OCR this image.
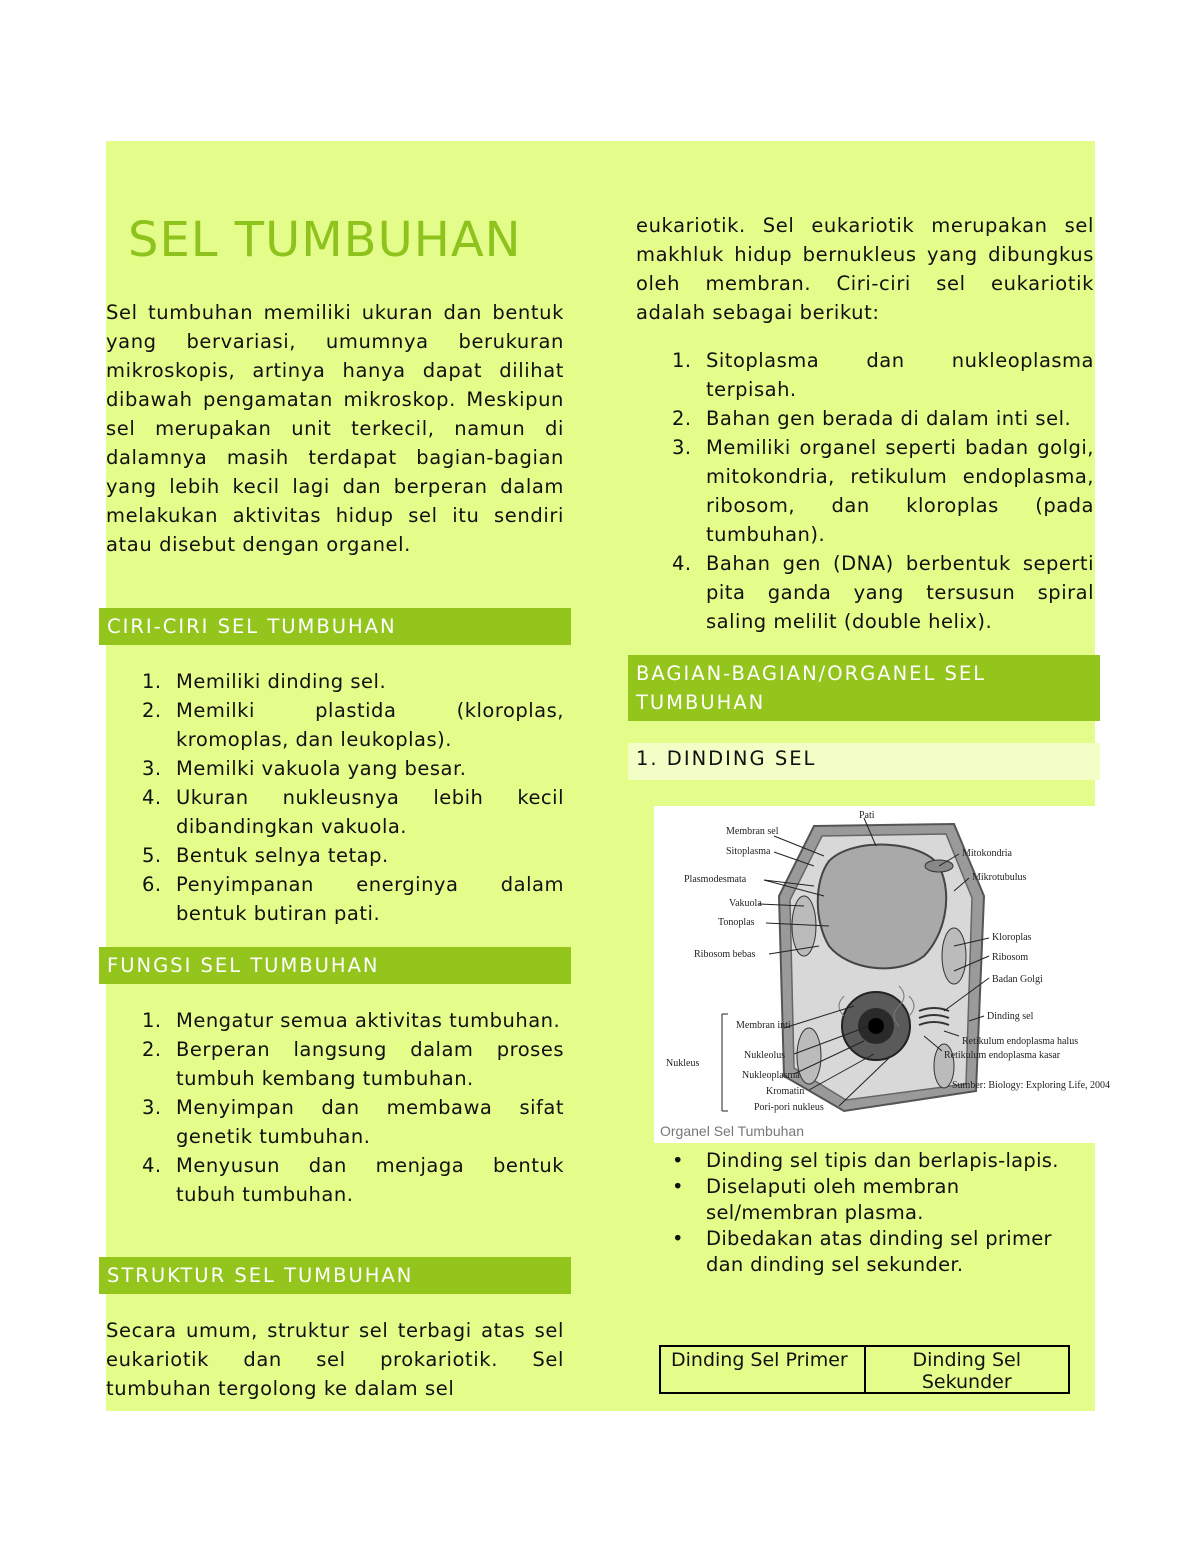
SEL TUMBUHAN

Sel tumbuhan memiliki ukuran dan bentuk yang bervariasi, umumnya berukuran mikroskopis, artinya hanya dapat dilihat dibawah pengamatan mikroskop. Meskipun sel merupakan unit terkecil, namun di dalamnya masih terdapat bagian-bagian yang lebih kecil lagi dan berperan dalam melakukan aktivitas hidup sel itu sendiri atau disebut dengan organel.

CIRI-CIRI SEL TUMBUHAN
1. Memiliki dinding sel.
2. Memilki plastida (kloroplas, kromoplas, dan leukoplas).
3. Memilki vakuola yang besar.
4. Ukuran nukleusnya lebih kecil dibandingkan vakuola.
5. Bentuk selnya tetap.
6. Penyimpanan energinya dalam bentuk butiran pati.
FUNGSI SEL TUMBUHAN
1. Mengatur semua aktivitas tumbuhan.
2. Berperan langsung dalam proses tumbuh kembang tumbuhan.
3. Menyimpan dan membawa sifat genetik tumbuhan.
4. Menyusun dan menjaga bentuk tubuh tumbuhan.
STRUKTUR SEL TUMBUHAN

Secara umum, struktur sel terbagi atas sel eukariotik dan sel prokariotik. Sel tumbuhan tergolong ke dalam sel

eukariotik. Sel eukariotik merupakan sel makhluk hidup bernukleus yang dibungkus oleh membran. Ciri-ciri sel eukariotik adalah sebagai berikut:

1. Sitoplasma dan nukleoplasma terpisah.
2. Bahan gen berada di dalam inti sel.
3. Memiliki organel seperti badan golgi, mitokondria, retikulum endoplasma, ribosom, dan kloroplas (pada tumbuhan).
4. Bahan gen (DNA) berbentuk seperti pita ganda yang tersusun spiral saling melilit (double helix).
BAGIAN-BAGIAN/ORGANEL SEL TUMBUHAN
1. DINDING SEL
Pati
Membran sel
Sitoplasma
Plasmodesmata
Vakuola
Tonoplas
Ribosom bebas
Mitokondria
Mikrotubulus
Kloroplas
Ribosom
Badan Golgi
Dinding sel
Retikulum endoplasma halus
Retikulum endoplasma kasar
Membran inti
Nukleus
Nukleolus
Nukleoplasma
Kromatin
Pori-pori nukleus
Sumber: Biology: Exploring Life, 2004
Organel Sel Tumbuhan
• Dinding sel tipis dan berlapis-lapis.
• Diselaputi oleh membran sel/membran plasma.
• Dibedakan atas dinding sel primer dan dinding sel sekunder.
Dinding Sel Primer	Dinding Sel Sekunder
